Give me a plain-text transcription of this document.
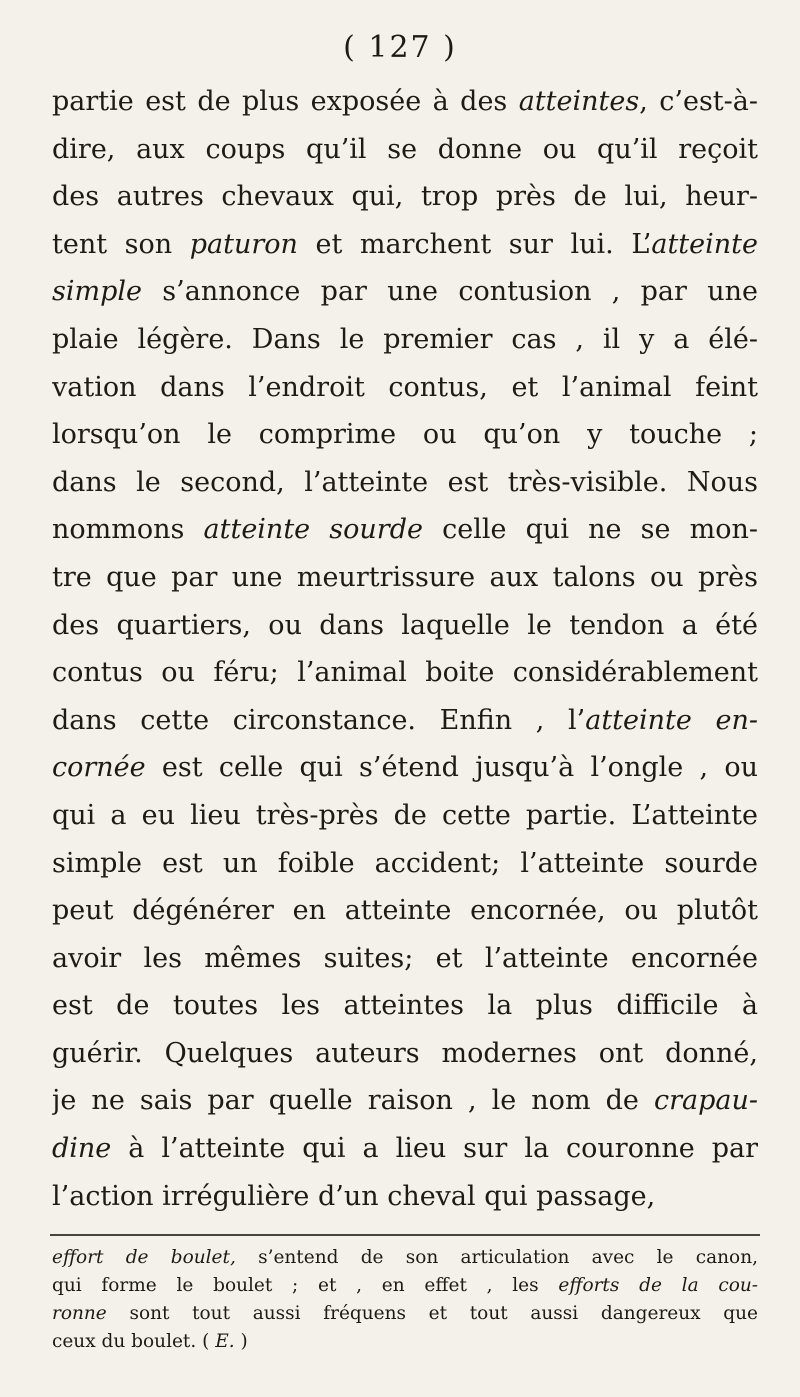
( 127 )
partie est de plus exposée à des atteintes, c’est-à-
dire, aux coups qu’il se donne ou qu’il reçoit
des autres chevaux qui, trop près de lui, heur-
tent son paturon et marchent sur lui. L’atteinte
simple s’annonce par une contusion , par une
plaie légère. Dans le premier cas , il y a élé-
vation dans l’endroit contus, et l’animal feint
lorsqu’on le comprime ou qu’on y touche ;
dans le second, l’atteinte est très-visible. Nous
nommons atteinte sourde celle qui ne se mon-
tre que par une meurtrissure aux talons ou près
des quartiers, ou dans laquelle le tendon a été
contus ou féru; l’animal boite considérablement
dans cette circonstance. Enfin , l’atteinte en-
cornée est celle qui s’étend jusqu’à l’ongle , ou
qui a eu lieu très-près de cette partie. L’atteinte
simple est un foible accident; l’atteinte sourde
peut dégénérer en atteinte encornée, ou plutôt
avoir les mêmes suites; et l’atteinte encornée
est de toutes les atteintes la plus difficile à
guérir. Quelques auteurs modernes ont donné,
je ne sais par quelle raison , le nom de crapau-
dine à l’atteinte qui a lieu sur la couronne par
l’action irrégulière d’un cheval qui passage,
effort de boulet, s’entend de son articulation avec le canon,
qui forme le boulet ; et , en effet , les efforts de la cou-
ronne sont tout aussi fréquens et tout aussi dangereux que
ceux du boulet. ( E. )
